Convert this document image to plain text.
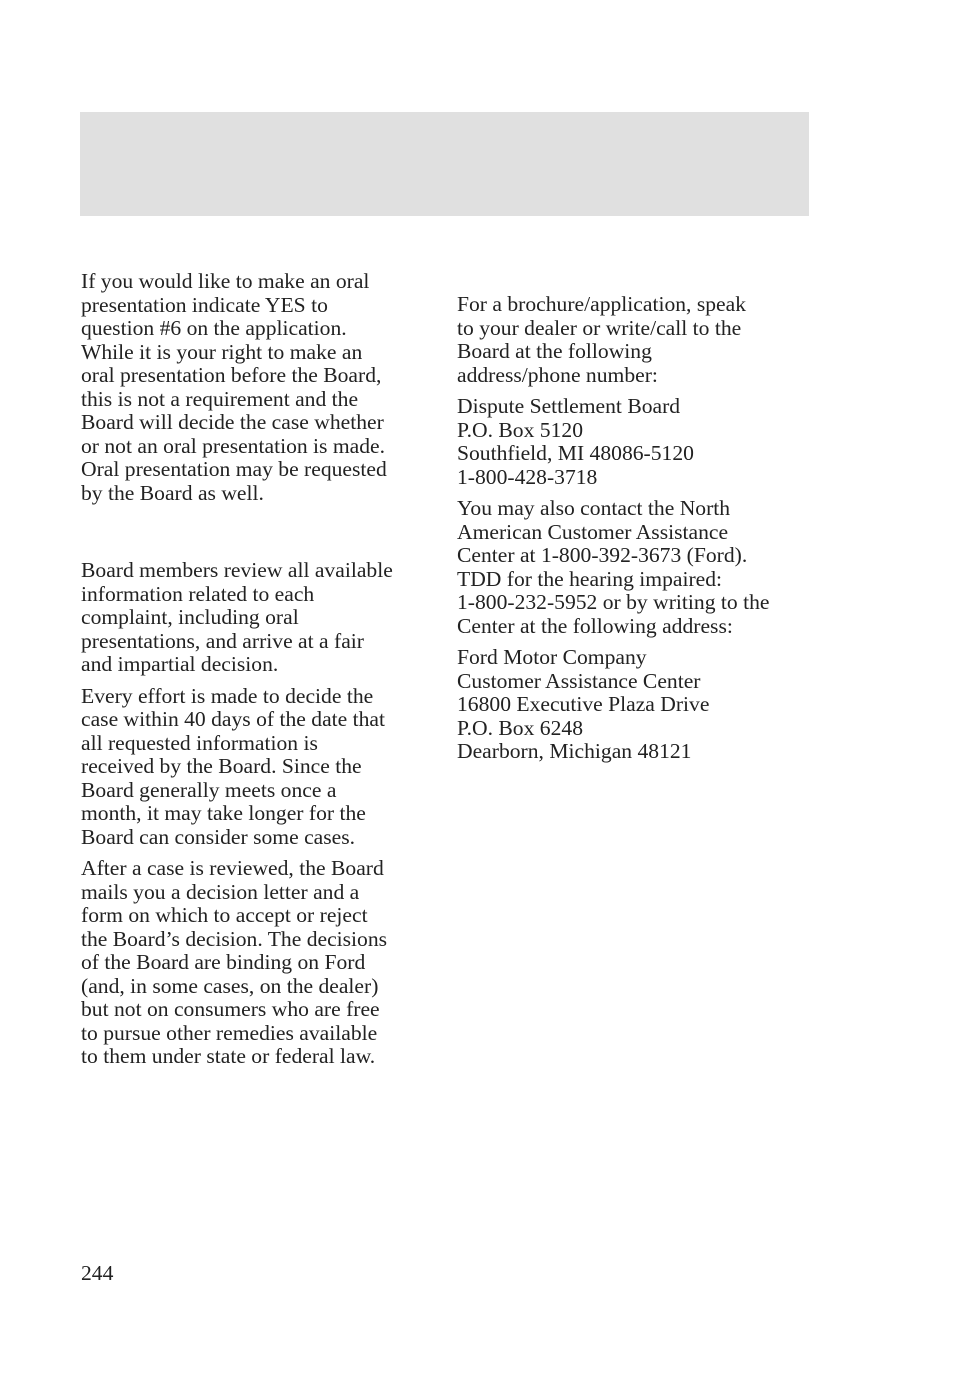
If you would like to make an oral
presentation indicate YES to
question #6 on the application.
While it is your right to make an
oral presentation before the Board,
this is not a requirement and the
Board will decide the case whether
or not an oral presentation is made.
Oral presentation may be requested
by the Board as well.

Board members review all available
information related to each
complaint, including oral
presentations, and arrive at a fair
and impartial decision.

Every effort is made to decide the
case within 40 days of the date that
all requested information is
received by the Board. Since the
Board generally meets once a
month, it may take longer for the
Board can consider some cases.

After a case is reviewed, the Board
mails you a decision letter and a
form on which to accept or reject
the Board’s decision. The decisions
of the Board are binding on Ford
(and, in some cases, on the dealer)
but not on consumers who are free
to pursue other remedies available
to them under state or federal law.

For a brochure/application, speak
to your dealer or write/call to the
Board at the following
address/phone number:

Dispute Settlement Board
P.O. Box 5120
Southfield, MI 48086-5120
1-800-428-3718

You may also contact the North
American Customer Assistance
Center at 1-800-392-3673 (Ford).
TDD for the hearing impaired:
1-800-232-5952 or by writing to the
Center at the following address:

Ford Motor Company
Customer Assistance Center
16800 Executive Plaza Drive
P.O. Box 6248
Dearborn, Michigan 48121

244
